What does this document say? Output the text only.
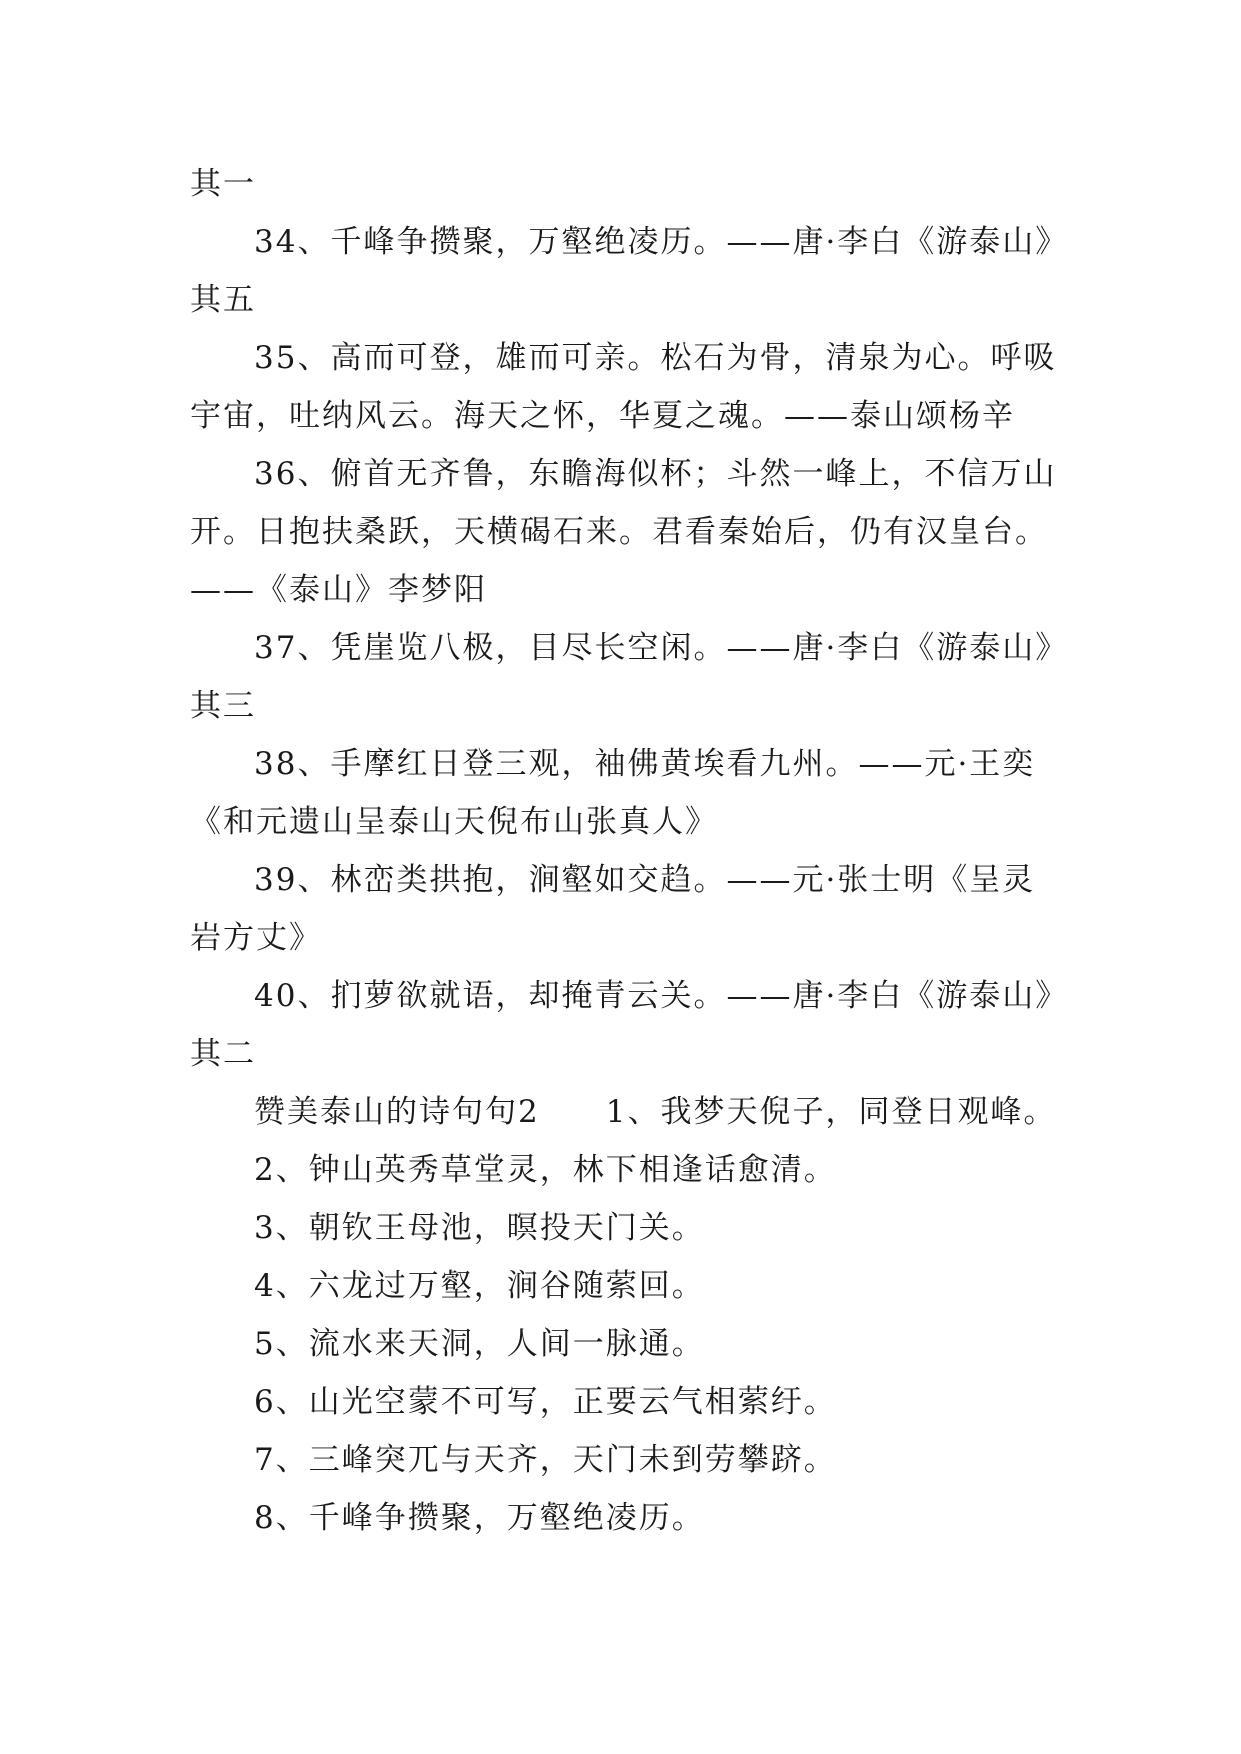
其一
34、千峰争攒聚，万壑绝凌历。——唐·李白《游泰山》
其五
35、高而可登，雄而可亲。松石为骨，清泉为心。呼吸
宇宙，吐纳风云。海天之怀，华夏之魂。——泰山颂杨辛
36、俯首无齐鲁，东瞻海似杯；斗然一峰上，不信万山
开。日抱扶桑跃，天横碣石来。君看秦始后，仍有汉皇台。
——《泰山》李梦阳
37、凭崖览八极，目尽长空闲。——唐·李白《游泰山》
其三
38、手摩红日登三观，袖佛黄埃看九州。——元·王奕
《和元遗山呈泰山天倪布山张真人》
39、林峦类拱抱，涧壑如交趋。——元·张士明《呈灵
岩方丈》
40、扪萝欲就语，却掩青云关。——唐·李白《游泰山》
其二
赞美泰山的诗句句2　　1、我梦天倪子，同登日观峰。
2、钟山英秀草堂灵，林下相逢话愈清。
3、朝钦王母池，暝投天门关。
4、六龙过万壑，涧谷随萦回。
5、流水来天洞，人间一脉通。
6、山光空蒙不可写，正要云气相萦纡。
7、三峰突兀与天齐，天门未到劳攀跻。
8、千峰争攒聚，万壑绝凌历。
